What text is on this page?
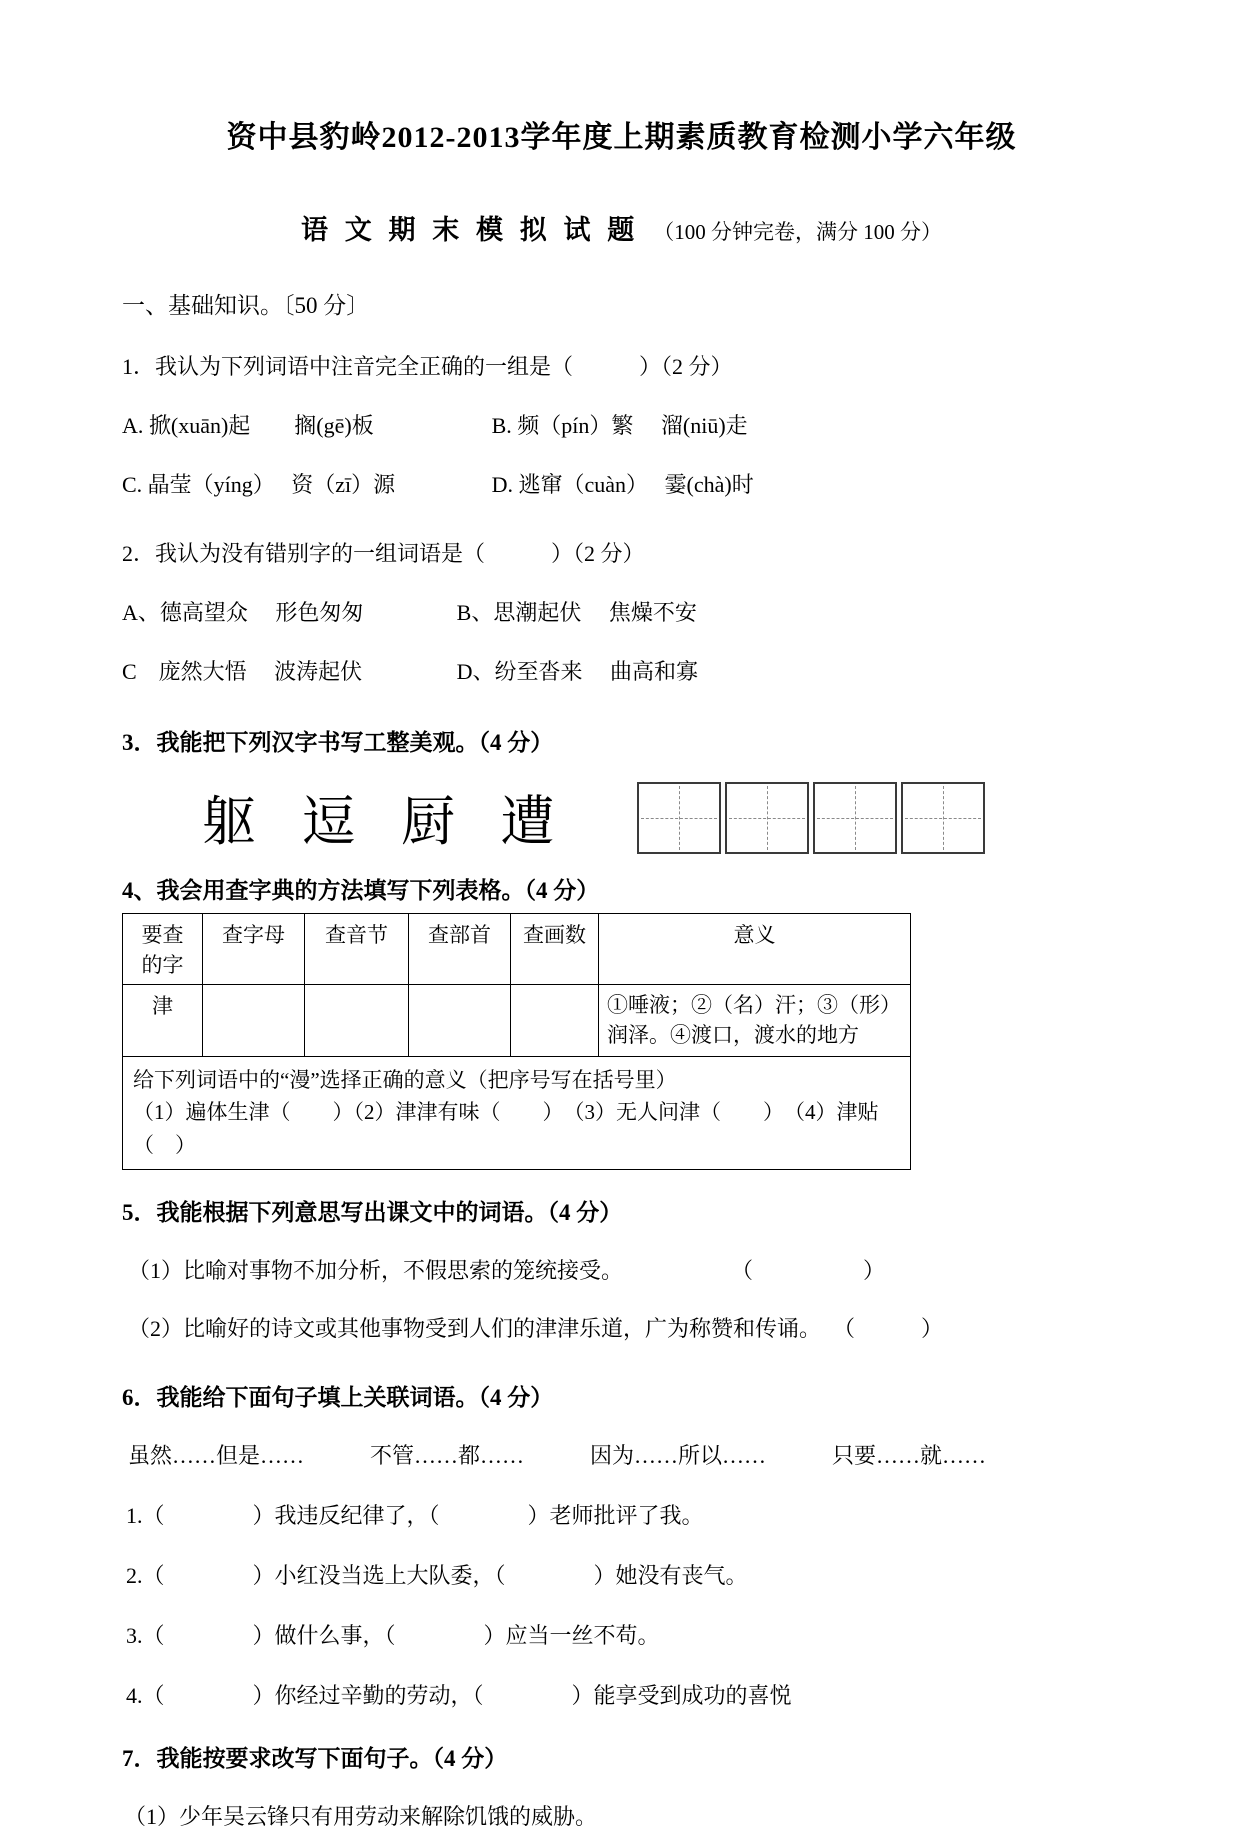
资中县豹岭2012-2013学年度上期素质教育检测小学六年级
语 文 期 末 模 拟 试 题 （100 分钟完卷，满分 100 分）
一、基础知识。〔50 分〕
1．我认为下列词语中注音完全正确的一组是（　　　）（2 分）
A. 掀(xuān)起　　搁(gē)板	B. 频（pín）繁　 溜(niū)走
C. 晶莹（yíng）　 资（zī）源	D. 逃窜（cuàn）　 霎(chà)时
2．我认为没有错别字的一组词语是（　　　）（2 分）
A、德高望众　 形色匆匆	B、思潮起伏　 焦燥不安
C　庞然大悟　 波涛起伏	D、纷至沓来　 曲高和寡
3．我能把下列汉字书写工整美观。（4 分）
躯 逗 厨 遭
4、我会用查字典的方法填写下列表格。（4 分）
要查的字	查字母	查音节	查部首	查画数	意义
津					①唾液；②（名）汗；③（形）润泽。④渡口，渡水的地方

给下列词语中的“漫”选择正确的意义（把序号写在括号里）
（1）遍体生津（　　）（2）津津有味（　　）　（3）无人问津（　　）　（4）津贴（　）					
5．我能根据下列意思写出课文中的词语。（4 分）
（1）比喻对事物不加分析，不假思索的笼统接受。	（　　　　　）
（2）比喻好的诗文或其他事物受到人们的津津乐道，广为称赞和传诵。 （　　　）
6．我能给下面句子填上关联词语。（4 分）
虽然……但是……　　　不管……都……　　　因为……所以……　　　只要……就……
1.（　　　　）我违反纪律了，（　　　　）老师批评了我。
2.（　　　　）小红没当选上大队委，（　　　　）她没有丧气。
3.（　　　　）做什么事，（　　　　）应当一丝不苟。
4.（　　　　）你经过辛勤的劳动，（　　　　）能享受到成功的喜悦
7．我能按要求改写下面句子。（4 分）
（1）少年吴云锋只有用劳动来解除饥饿的威胁。
